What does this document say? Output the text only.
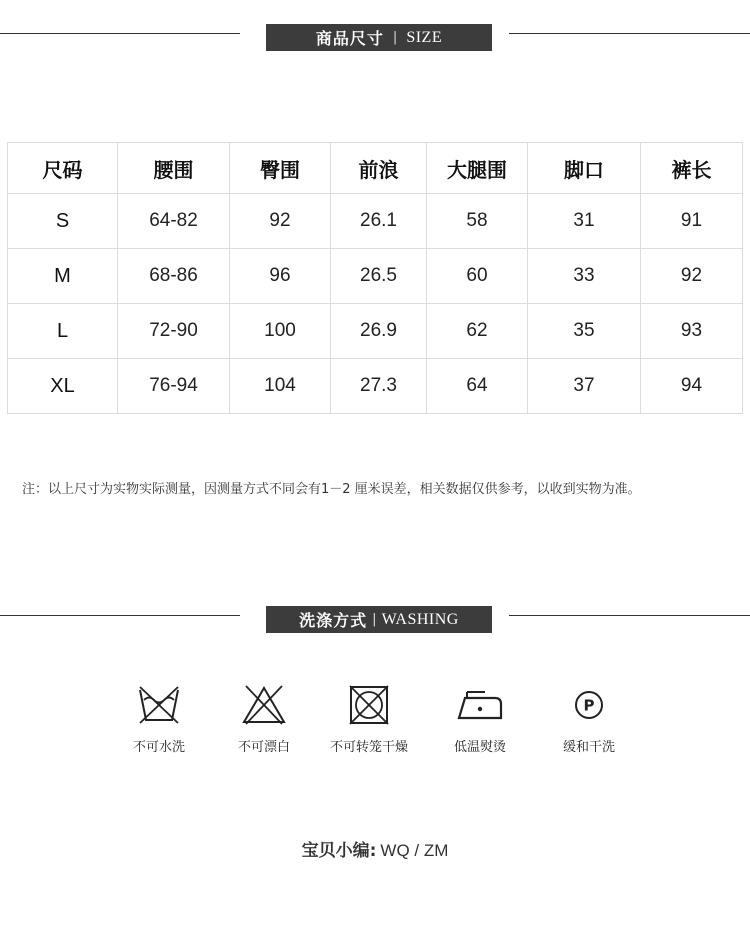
商品尺寸 | SIZE
尺码	腰围	臀围	前浪	大腿围	脚口	裤长
S	64-82	92	26.1	58	31	91
M	68-86	96	26.5	60	33	92
L	72-90	100	26.9	62	35	93
XL	76-94	104	27.3	64	37	94
注：以上尺寸为实物实际测量，因测量方式不同会有1－2 厘米误差，相关数据仅供参考，以收到实物为准。
洗涤方式 | WASHING
不可水洗	不可漂白	不可转笼干燥	低温熨烫
P
缓和干洗
宝贝小编: WQ / ZM
